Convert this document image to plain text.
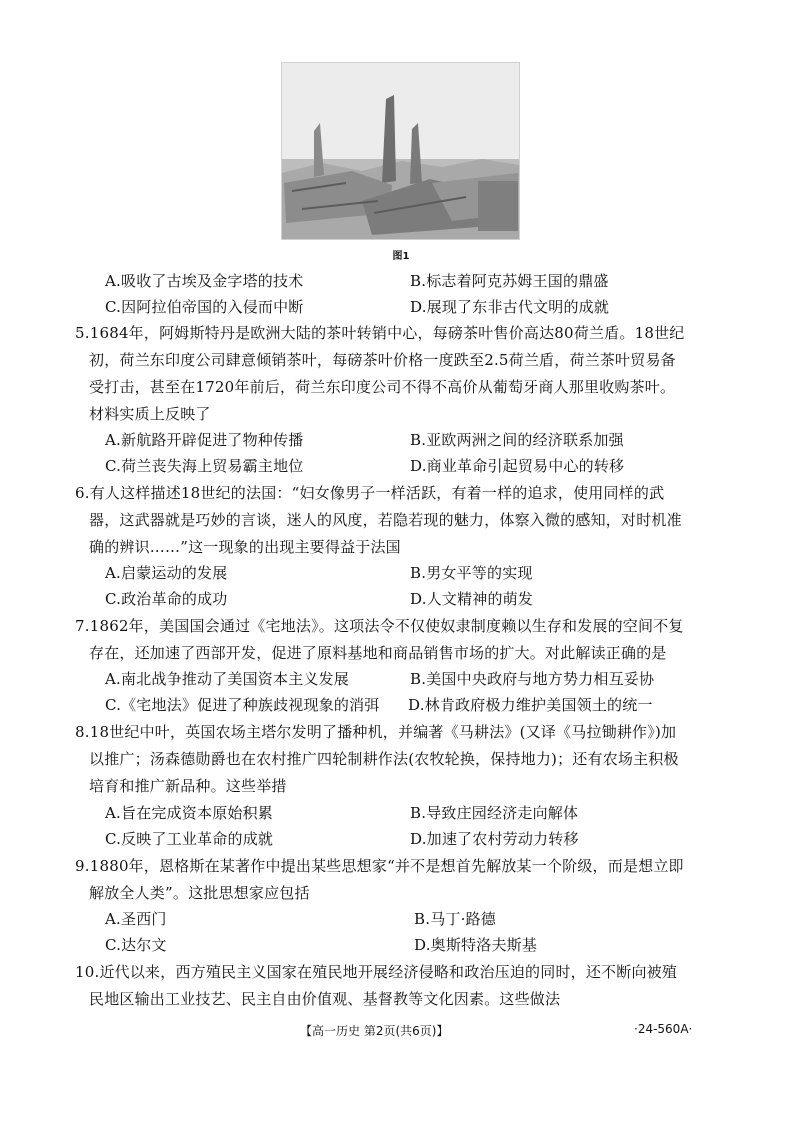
图1
A.吸收了古埃及金字塔的技术	B.标志着阿克苏姆王国的鼎盛
C.因阿拉伯帝国的入侵而中断	D.展现了东非古代文明的成就
5.1684年，阿姆斯特丹是欧洲大陆的茶叶转销中心，每磅茶叶售价高达80荷兰盾。18世纪
初，荷兰东印度公司肆意倾销茶叶，每磅茶叶价格一度跌至2.5荷兰盾，荷兰茶叶贸易备
受打击，甚至在1720年前后，荷兰东印度公司不得不高价从葡萄牙商人那里收购茶叶。
材料实质上反映了
A.新航路开辟促进了物种传播	B.亚欧两洲之间的经济联系加强
C.荷兰丧失海上贸易霸主地位	D.商业革命引起贸易中心的转移
6.有人这样描述18世纪的法国：“妇女像男子一样活跃，有着一样的追求，使用同样的武
器，这武器就是巧妙的言谈，迷人的风度，若隐若现的魅力，体察入微的感知，对时机准
确的辨识……”这一现象的出现主要得益于法国
A.启蒙运动的发展	B.男女平等的实现
C.政治革命的成功	D.人文精神的萌发
7.1862年，美国国会通过《宅地法》。这项法令不仅使奴隶制度赖以生存和发展的空间不复
存在，还加速了西部开发，促进了原料基地和商品销售市场的扩大。对此解读正确的是
A.南北战争推动了美国资本主义发展	B.美国中央政府与地方势力相互妥协
C.《宅地法》促进了种族歧视现象的消弭 D.林肯政府极力维护美国领土的统一
8.18世纪中叶，英国农场主塔尔发明了播种机，并编著《马耕法》(又译《马拉锄耕作》)加
以推广；汤森德勋爵也在农村推广四轮制耕作法(农牧轮换，保持地力)；还有农场主积极
培育和推广新品种。这些举措
A.旨在完成资本原始积累	B.导致庄园经济走向解体
C.反映了工业革命的成就	D.加速了农村劳动力转移
9.1880年，恩格斯在某著作中提出某些思想家“并不是想首先解放某一个阶级，而是想立即
解放全人类”。这批思想家应包括
A.圣西门	B.马丁·路德
C.达尔文	D.奥斯特洛夫斯基
10.近代以来，西方殖民主义国家在殖民地开展经济侵略和政治压迫的同时，还不断向被殖
民地区输出工业技艺、民主自由价值观、基督教等文化因素。这些做法
【高一历史 第2页(共6页)】	·24-560A·
